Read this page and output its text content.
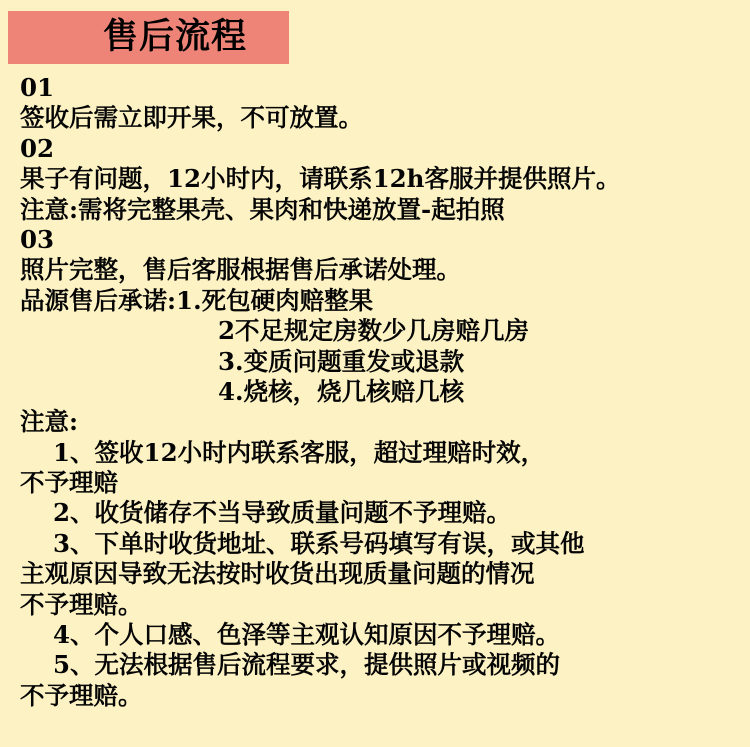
售后流程
01
签收后需立即开果，不可放置。
02
果子有问题，12小时内，请联系12h客服并提供照片。
注意:需将完整果壳、果肉和快递放置-起拍照
03
照片完整，售后客服根据售后承诺处理。
品源售后承诺:1.死包硬肉赔整果
2不足规定房数少几房赔几房
3.变质问题重发或退款
4.烧核，烧几核赔几核
注意:
1、签收12小时内联系客服，超过理赔时效，
不予理赔
2、收货储存不当导致质量问题不予理赔。
3、下单时收货地址、联系号码填写有误，或其他
主观原因导致无法按时收货出现质量问题的情况
不予理赔。
4、个人口感、色泽等主观认知原因不予理赔。
5、无法根据售后流程要求，提供照片或视频的
不予理赔。
